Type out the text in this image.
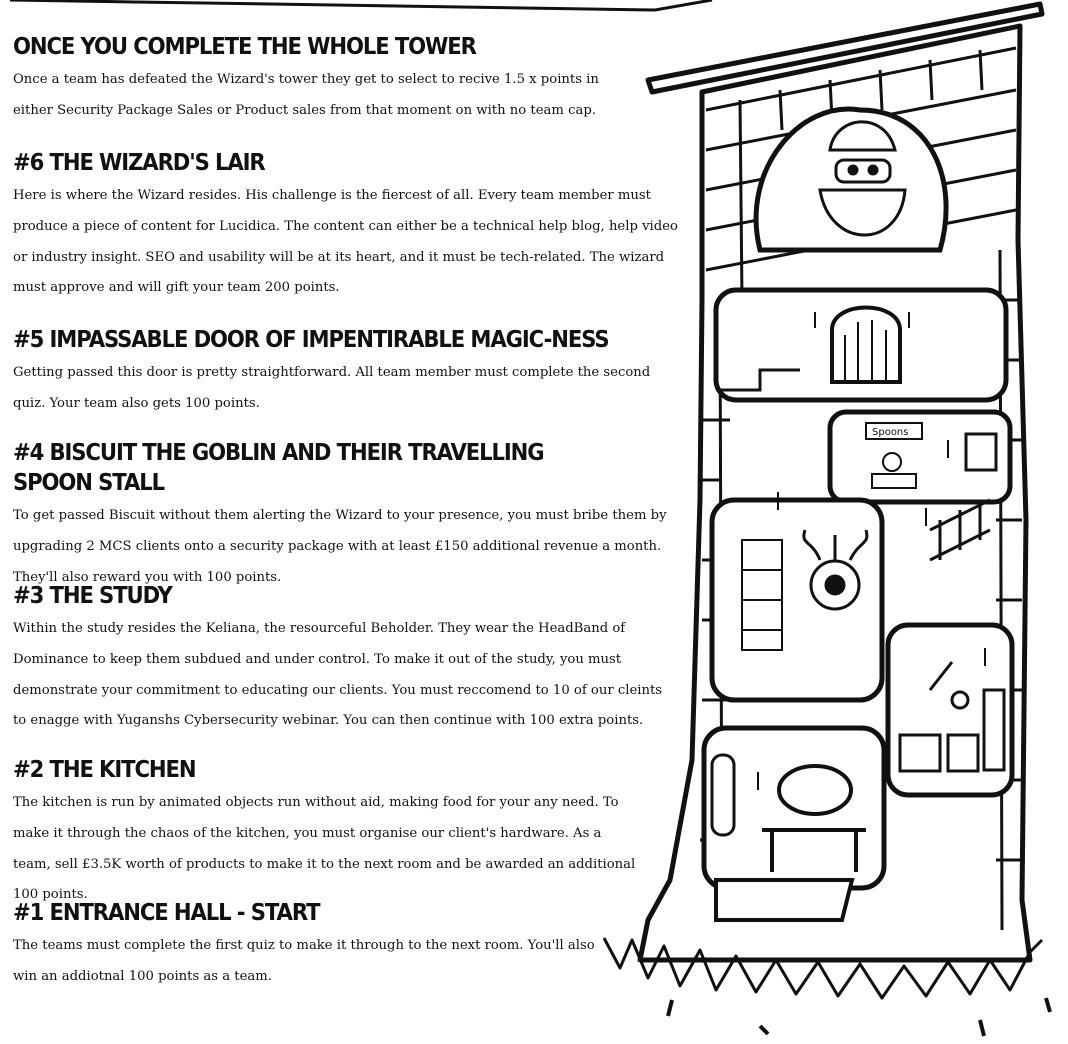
ONCE YOU COMPLETE THE WHOLE TOWER

Once a team has defeated the Wizard's tower they get to select to recive 1.5 x points in either Security Package Sales or Product sales from that moment on with no team cap.

#6 THE WIZARD'S LAIR

Here is where the Wizard resides. His challenge is the fiercest of all. Every team member must produce a piece of content for Lucidica. The content can either be a technical help blog, help video or industry insight. SEO and usability will be at its heart, and it must be tech-related. The wizard must approve and will gift your team 200 points.

#5 IMPASSABLE DOOR OF IMPENTIRABLE MAGIC-NESS

Getting passed this door is pretty straightforward. All team member must complete the second quiz. Your team also gets 100 points.

#4 BISCUIT THE GOBLIN AND THEIR TRAVELLING SPOON STALL

To get passed Biscuit without them alerting the Wizard to your presence, you must bribe them by upgrading 2 MCS clients onto a security package with at least £150 additional revenue a month. They'll also reward you with 100 points.

#3 THE STUDY

Within the study resides the Keliana, the resourceful Beholder. They wear the HeadBand of Dominance to keep them subdued and under control. To make it out of the study, you must demonstrate your commitment to educating our clients. You must reccomend to 10 of our cleints to enagge with Yuganshs Cybersecurity webinar. You can then continue with 100 extra points.

#2 THE KITCHEN

The kitchen is run by animated objects run without aid, making food for your any need. To make it through the chaos of the kitchen, you must organise our client's hardware. As a team, sell £3.5K worth of products to make it to the next room and be awarded an additional 100 points.

#1 ENTRANCE HALL - START

The teams must complete the first quiz to make it through to the next room. You'll also win an addiotnal 100 points as a team.

Spoons
